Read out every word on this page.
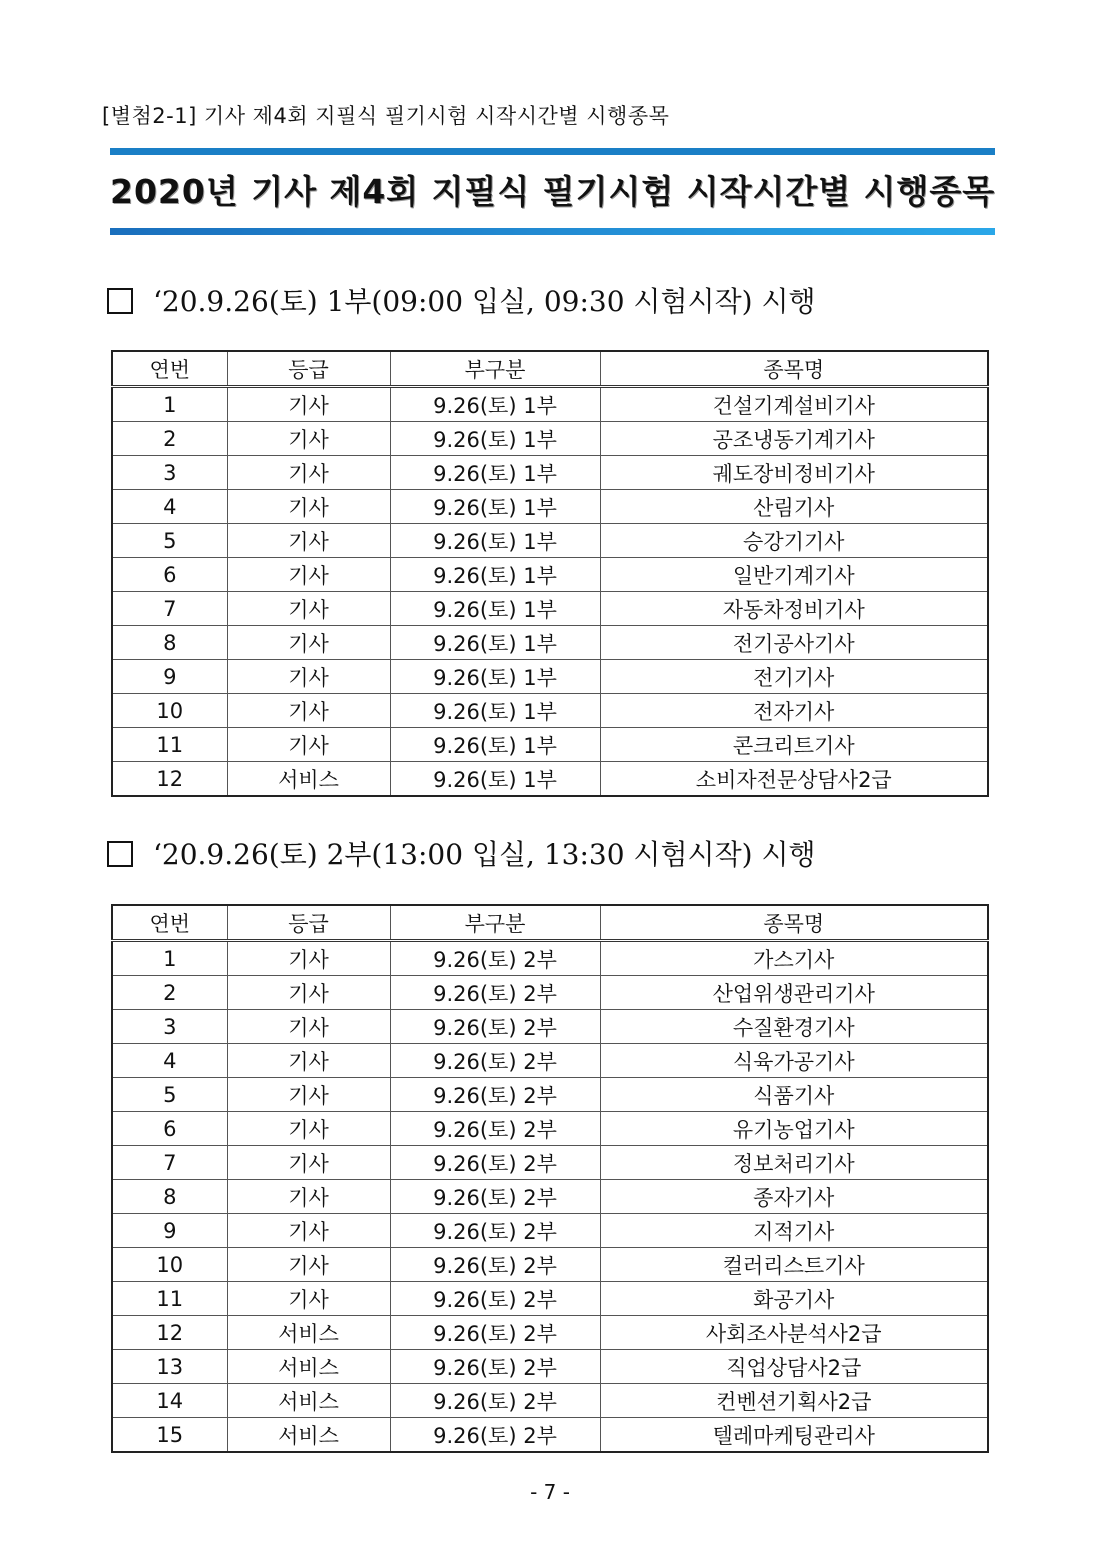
[별첨2-1] 기사 제4회 지필식 필기시험 시작시간별 시행종목
2020년 기사 제4회 지필식 필기시험 시작시간별 시행종목
‘20.9.26(토) 1부(09:00 입실, 09:30 시험시작) 시행
연번	등급	부구분	종목명
1	기사	9.26(토) 1부	건설기계설비기사
2	기사	9.26(토) 1부	공조냉동기계기사
3	기사	9.26(토) 1부	궤도장비정비기사
4	기사	9.26(토) 1부	산림기사
5	기사	9.26(토) 1부	승강기기사
6	기사	9.26(토) 1부	일반기계기사
7	기사	9.26(토) 1부	자동차정비기사
8	기사	9.26(토) 1부	전기공사기사
9	기사	9.26(토) 1부	전기기사
10	기사	9.26(토) 1부	전자기사
11	기사	9.26(토) 1부	콘크리트기사
12	서비스	9.26(토) 1부	소비자전문상담사2급
‘20.9.26(토) 2부(13:00 입실, 13:30 시험시작) 시행
연번	등급	부구분	종목명
1	기사	9.26(토) 2부	가스기사
2	기사	9.26(토) 2부	산업위생관리기사
3	기사	9.26(토) 2부	수질환경기사
4	기사	9.26(토) 2부	식육가공기사
5	기사	9.26(토) 2부	식품기사
6	기사	9.26(토) 2부	유기농업기사
7	기사	9.26(토) 2부	정보처리기사
8	기사	9.26(토) 2부	종자기사
9	기사	9.26(토) 2부	지적기사
10	기사	9.26(토) 2부	컬러리스트기사
11	기사	9.26(토) 2부	화공기사
12	서비스	9.26(토) 2부	사회조사분석사2급
13	서비스	9.26(토) 2부	직업상담사2급
14	서비스	9.26(토) 2부	컨벤션기획사2급
15	서비스	9.26(토) 2부	텔레마케팅관리사
- 7 -
